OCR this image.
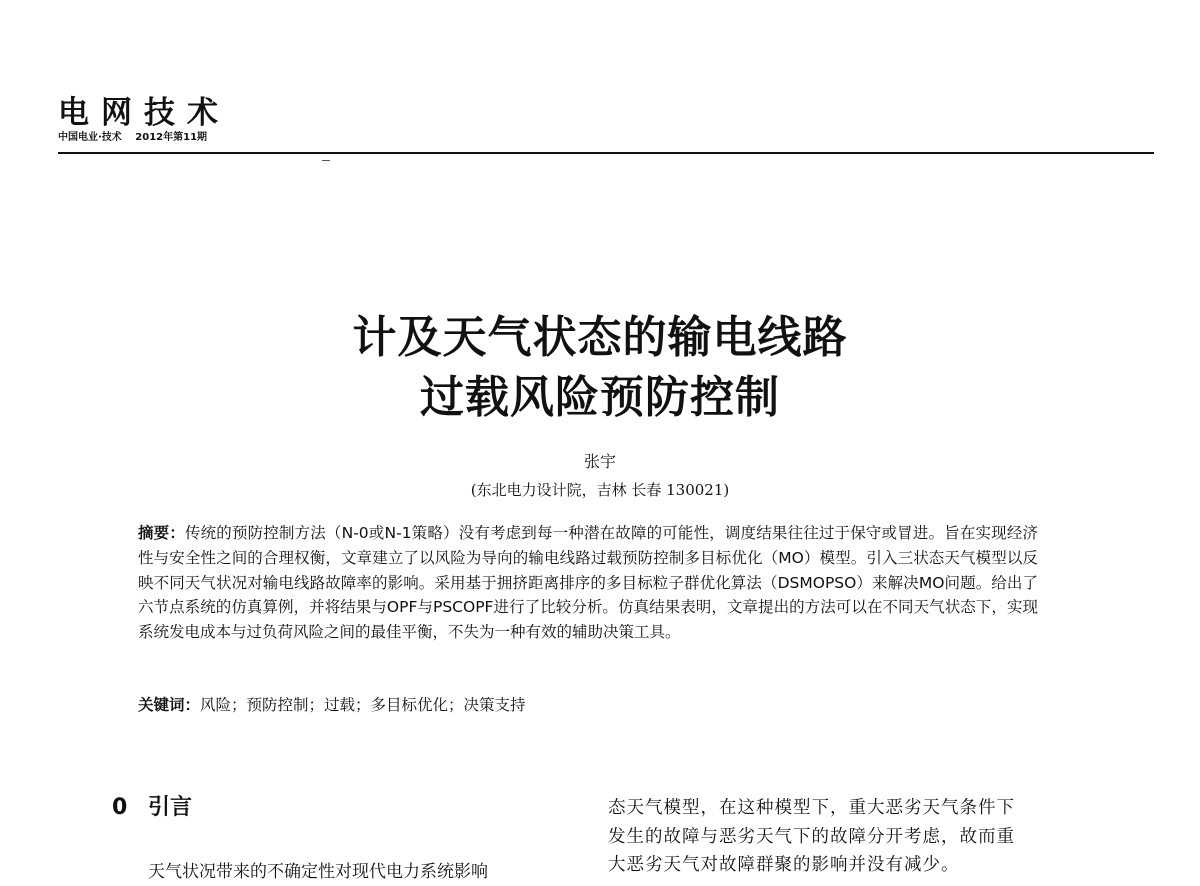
电网技术
中国电业·技术 2012年第11期
计及天气状态的输电线路
过载风险预防控制
张宇
(东北电力设计院，吉林 长春 130021)
摘要：传统的预防控制方法（N-0或N-1策略）没有考虑到每一种潜在故障的可能性，调度结果往往过于保守或冒进。旨在实现经济性与安全性之间的合理权衡，文章建立了以风险为导向的输电线路过载预防控制多目标优化（MO）模型。引入三状态天气模型以反映不同天气状况对输电线路故障率的影响。采用基于拥挤距离排序的多目标粒子群优化算法（DSMOPSO）来解决MO问题。给出了六节点系统的仿真算例，并将结果与OPF与PSCOPF进行了比较分析。仿真结果表明，文章提出的方法可以在不同天气状态下，实现系统发电成本与过负荷风险之间的最佳平衡，不失为一种有效的辅助决策工具。
关键词：风险；预防控制；过载；多目标优化；决策支持
0 引言
天气状况带来的不确定性对现代电力系统影响
态天气模型，在这种模型下，重大恶劣天气条件下
发生的故障与恶劣天气下的故障分开考虑，故而重
大恶劣天气对故障群聚的影响并没有减少。
